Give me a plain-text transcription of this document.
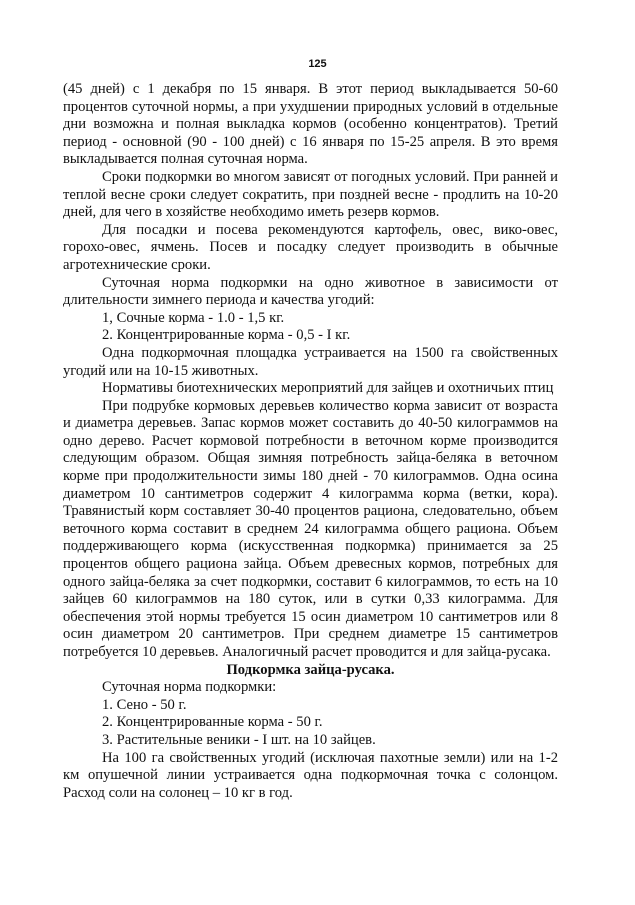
125

(45 дней) с 1 декабря по 15 января. В этот период выкладывается 50-60 процентов суточной нормы, а при ухудшении природных условий в отдельные дни возможна и полная выкладка кормов (особенно концентратов). Третий период - основной (90 - 100 дней) с 16 января по 15-25 апреля. В это время выкладывается полная суточная норма.

Сроки подкормки во многом зависят от погодных условий. При ранней и теплой весне сроки следует сократить, при поздней весне - продлить на 10-20 дней, для чего в хозяйстве необходимо иметь резерв кормов.

Для посадки и посева рекомендуются картофель, овес, вико-овес, горохо-овес, ячмень. Посев и посадку следует производить в обычные агротехнические сроки.

Суточная норма подкормки на одно животное в зависимости от длительности зимнего периода и качества угодий:

1, Сочные корма - 1.0 - 1,5 кг.

2. Концентрированные корма - 0,5 - I кг.

Одна подкормочная площадка устраивается на 1500 га свойственных угодий или на 10-15 животных.

Нормативы биотехнических мероприятий для зайцев и охотничьих птиц

При подрубке кормовых деревьев количество корма зависит от возраста и диаметра деревьев. Запас кормов может составить до 40-50 килограммов на одно дерево. Расчет кормовой потребности в веточном корме производится следующим образом. Общая зимняя потребность зайца-беляка в веточном корме при продолжительности зимы 180 дней - 70 килограммов. Одна осина диаметром 10 сантиметров содержит 4 килограмма корма (ветки, кора). Травянистый корм составляет 30-40 процентов рациона, следовательно, объем веточного корма составит в среднем 24 килограмма общего рациона. Объем поддерживающего корма (искусственная подкормка) принимается за 25 процентов общего рациона зайца. Объем древесных кормов, потребных для одного зайца-беляка за счет подкормки, составит 6 килограммов, то есть на 10 зайцев 60 килограммов на 180 суток, или в сутки 0,33 килограмма. Для обеспечения этой нормы требуется 15 осин диаметром 10 сантиметров или 8 осин диаметром 20 сантиметров. При среднем диаметре 15 сантиметров потребуется 10 деревьев. Аналогичный расчет проводится и для зайца-русака.

Подкормка зайца-русака.

Суточная норма подкормки:

1. Сено - 50 г.

2. Концентрированные корма - 50 г.

3. Растительные веники - I шт. на 10 зайцев.

На 100 га свойственных угодий (исключая пахотные земли) или на 1-2 км опушечной линии устраивается одна подкормочная точка с солонцом. Расход соли на солонец – 10 кг в год.
